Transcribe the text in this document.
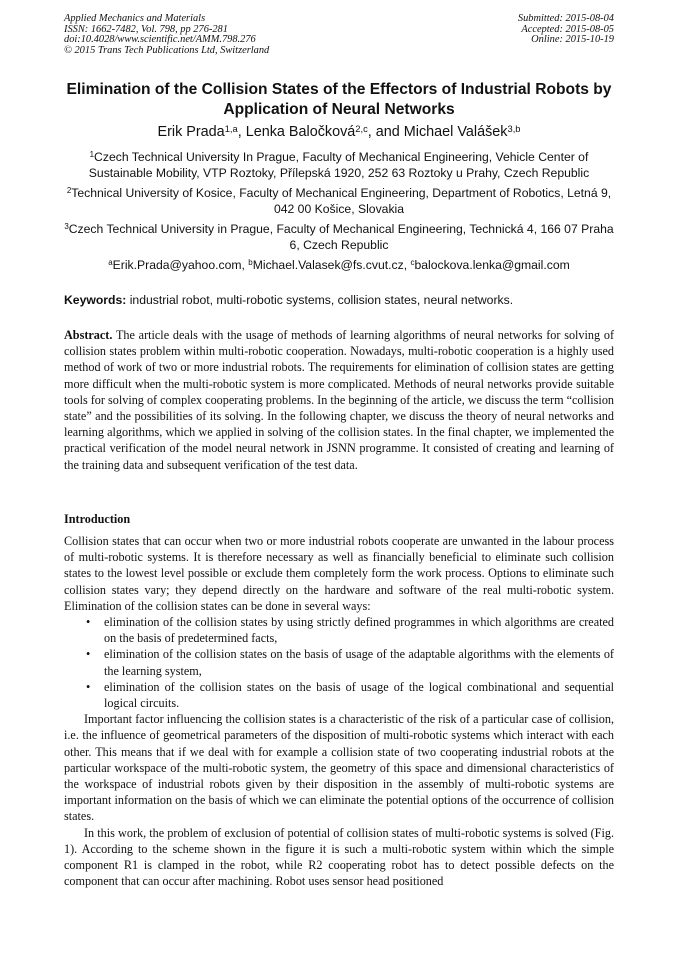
Applied Mechanics and Materials
ISSN: 1662-7482, Vol. 798, pp 276-281
doi:10.4028/www.scientific.net/AMM.798.276
© 2015 Trans Tech Publications Ltd, Switzerland
Submitted: 2015-08-04
Accepted: 2015-08-05
Online: 2015-10-19
Elimination of the Collision States of the Effectors of Industrial Robots by Application of Neural Networks
Erik Prada$^{1,a}$, Lenka Baločková$^{2,c}$, and Michael Valášek$^{3,b}$
$^1$Czech Technical University In Prague, Faculty of Mechanical Engineering, Vehicle Center of Sustainable Mobility, VTP Roztoky, Přílepská 1920, 252 63 Roztoky u Prahy, Czech Republic
$^2$Technical University of Kosice, Faculty of Mechanical Engineering, Department of Robotics, Letná 9, 042 00 Košice, Slovakia
$^3$Czech Technical University in Prague, Faculty of Mechanical Engineering, Technická 4, 166 07 Praha 6, Czech Republic
$^a$Erik.Prada@yahoo.com, $^b$Michael.Valasek@fs.cvut.cz, $^c$balockova.lenka@gmail.com
Keywords: industrial robot, multi-robotic systems, collision states, neural networks.

Abstract. The article deals with the usage of methods of learning algorithms of neural networks for solving of collision states problem within multi-robotic cooperation. Nowadays, multi-robotic cooperation is a highly used method of work of two or more industrial robots. The requirements for elimination of collision states are getting more difficult when the multi-robotic system is more complicated. Methods of neural networks provide suitable tools for solving of complex cooperating problems. In the beginning of the article, we discuss the term “collision state” and the possibilities of its solving. In the following chapter, we discuss the theory of neural networks and learning algorithms, which we applied in solving of the collision states. In the final chapter, we implemented the practical verification of the model neural network in JSNN programme. It consisted of creating and learning of the training data and subsequent verification of the test data.

Introduction

Collision states that can occur when two or more industrial robots cooperate are unwanted in the labour process of multi-robotic systems. It is therefore necessary as well as financially beneficial to eliminate such collision states to the lowest level possible or exclude them completely form the work process. Options to eliminate such collision states vary; they depend directly on the hardware and software of the real multi-robotic system. Elimination of the collision states can be done in several ways:

• elimination of the collision states by using strictly defined programmes in which algorithms are created on the basis of predetermined facts,
• elimination of the collision states on the basis of usage of the adaptable algorithms with the elements of the learning system,
• elimination of the collision states on the basis of usage of the logical combinational and sequential logical circuits.

Important factor influencing the collision states is a characteristic of the risk of a particular case of collision, i.e. the influence of geometrical parameters of the disposition of multi-robotic systems which interact with each other. This means that if we deal with for example a collision state of two cooperating industrial robots at the particular workspace of the multi-robotic system, the geometry of this space and dimensional characteristics of the workspace of industrial robots given by their disposition in the assembly of multi-robotic systems are important information on the basis of which we can eliminate the potential options of the occurrence of collision states.

In this work, the problem of exclusion of potential of collision states of multi-robotic systems is solved (Fig. 1). According to the scheme shown in the figure it is such a multi-robotic system within which the simple component R1 is clamped in the robot, while R2 cooperating robot has to detect possible defects on the component that can occur after machining. Robot uses sensor head positioned
